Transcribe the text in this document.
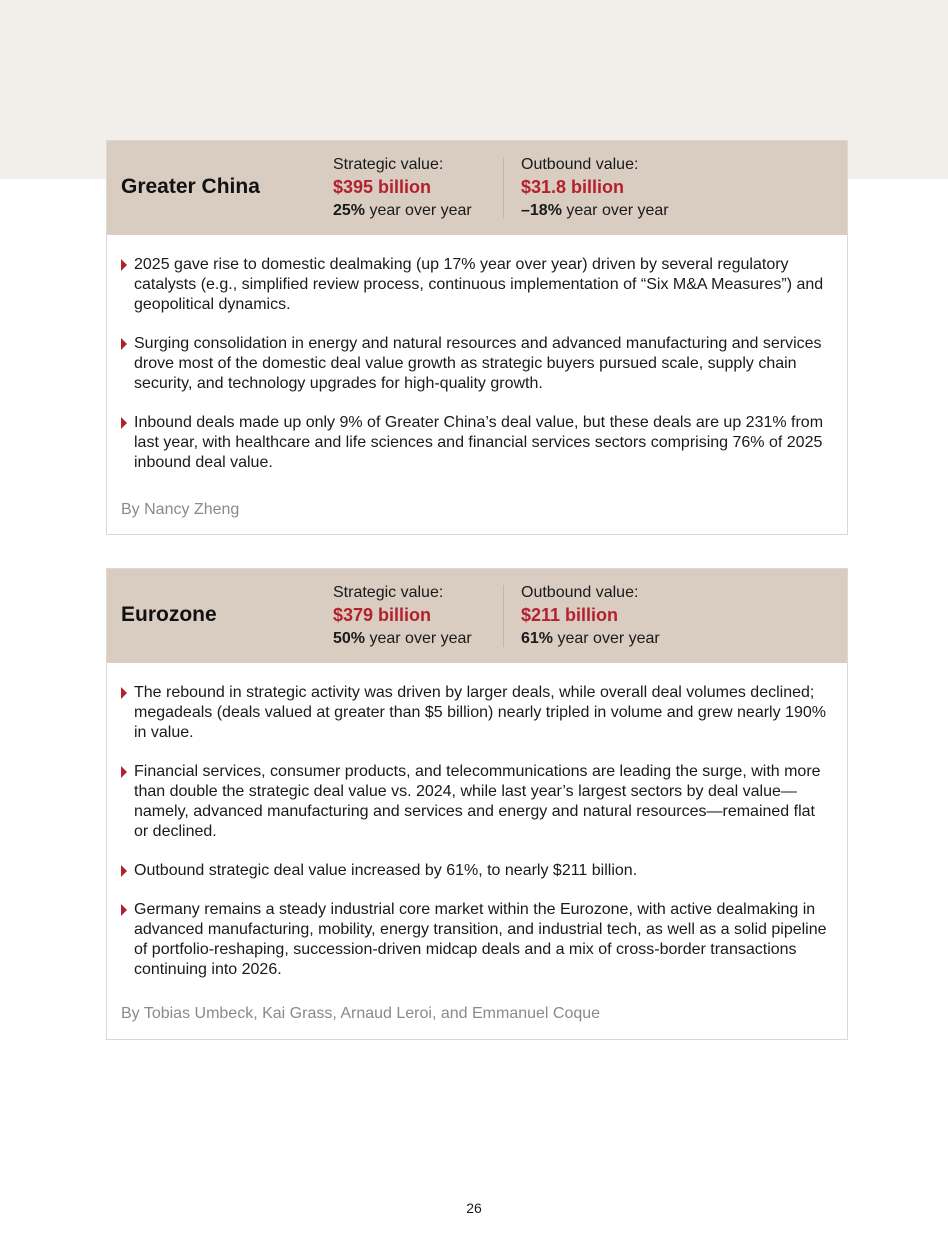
Greater China
Strategic value:
$395 billion
25% year over year
Outbound value:
$31.8 billion
–18% year over year
2025 gave rise to domestic dealmaking (up 17% year over year) driven by several regulatory catalysts (e.g., simplified review process, continuous implementation of “Six M&A Measures”) and geopolitical dynamics.
Surging consolidation in energy and natural resources and advanced manufacturing and services drove most of the domestic deal value growth as strategic buyers pursued scale, supply chain security, and technology upgrades for high-quality growth.
Inbound deals made up only 9% of Greater China’s deal value, but these deals are up 231% from last year, with healthcare and life sciences and financial services sectors comprising 76% of 2025 inbound deal value.
By Nancy Zheng
Eurozone
Strategic value:
$379 billion
50% year over year
Outbound value:
$211 billion
61% year over year
The rebound in strategic activity was driven by larger deals, while overall deal volumes declined; megadeals (deals valued at greater than $5 billion) nearly tripled in volume and grew nearly 190% in value.
Financial services, consumer products, and telecommunications are leading the surge, with more than double the strategic deal value vs. 2024, while last year’s largest sectors by deal value—namely, advanced manufacturing and services and energy and natural resources—remained flat or declined.
Outbound strategic deal value increased by 61%, to nearly $211 billion.
Germany remains a steady industrial core market within the Eurozone, with active dealmaking in advanced manufacturing, mobility, energy transition, and industrial tech, as well as a solid pipeline of portfolio-reshaping, succession-driven midcap deals and a mix of cross-border transactions continuing into 2026.
By Tobias Umbeck, Kai Grass, Arnaud Leroi, and Emmanuel Coque
26
